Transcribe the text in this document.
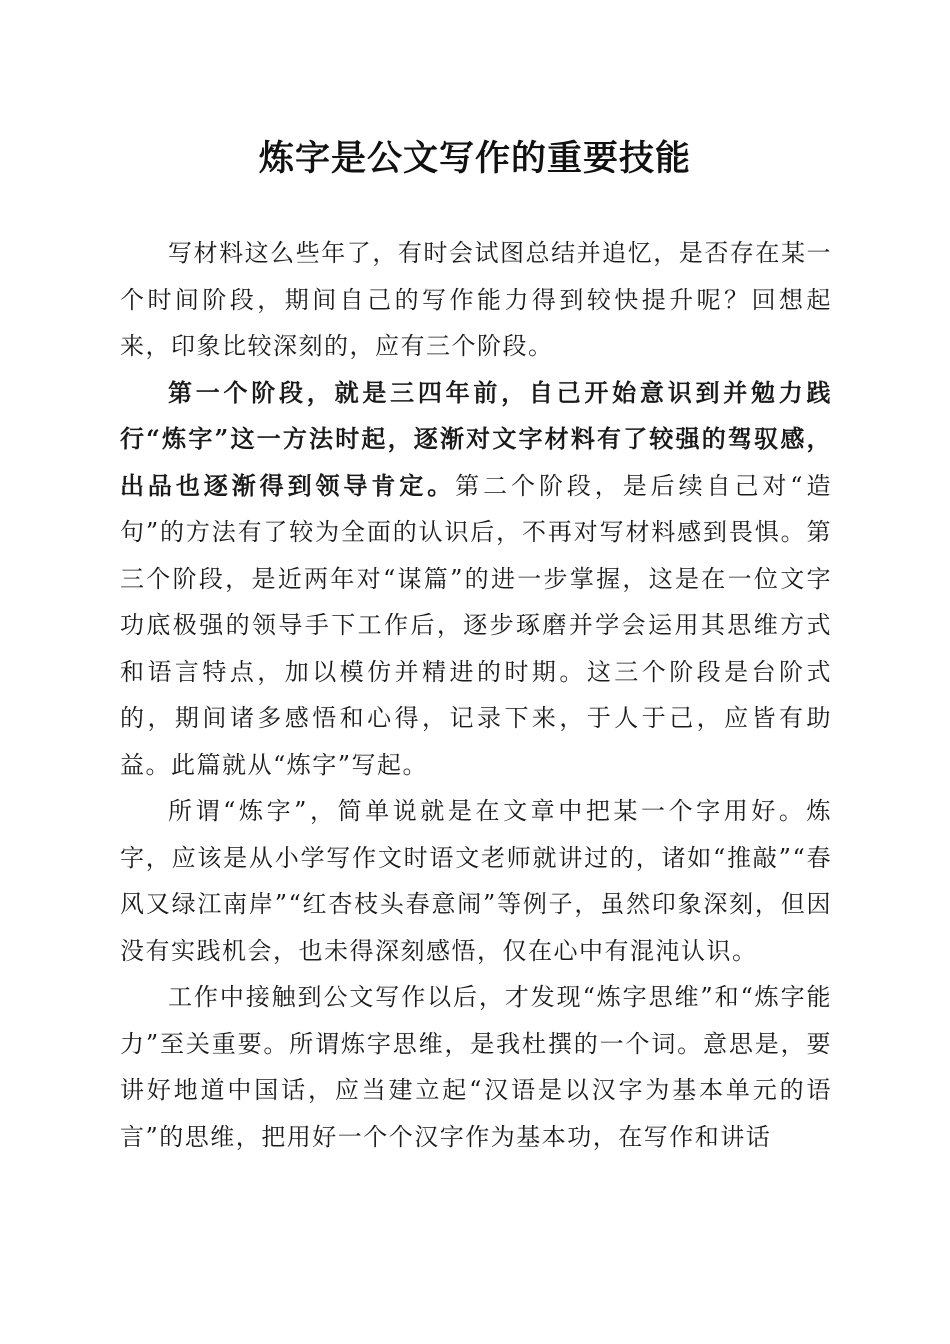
炼字是公文写作的重要技能

写材料这么些年了，有时会试图总结并追忆，是否存在某一个时间阶段，期间自己的写作能力得到较快提升呢？回想起来，印象比较深刻的，应有三个阶段。

第一个阶段，就是三四年前，自己开始意识到并勉力践行“炼字”这一方法时起，逐渐对文字材料有了较强的驾驭感，出品也逐渐得到领导肯定。第二个阶段，是后续自己对“造句”的方法有了较为全面的认识后，不再对写材料感到畏惧。第三个阶段，是近两年对“谋篇”的进一步掌握，这是在一位文字功底极强的领导手下工作后，逐步琢磨并学会运用其思维方式和语言特点，加以模仿并精进的时期。这三个阶段是台阶式的，期间诸多感悟和心得，记录下来，于人于己，应皆有助益。此篇就从“炼字”写起。

所谓“炼字”，简单说就是在文章中把某一个字用好。炼字，应该是从小学写作文时语文老师就讲过的，诸如“推敲”“春风又绿江南岸”“红杏枝头春意闹”等例子，虽然印象深刻，但因没有实践机会，也未得深刻感悟，仅在心中有混沌认识。

工作中接触到公文写作以后，才发现“炼字思维”和“炼字能力”至关重要。所谓炼字思维，是我杜撰的一个词。意思是，要讲好地道中国话，应当建立起“汉语是以汉字为基本单元的语言”的思维，把用好一个个汉字作为基本功，在写作和讲话
